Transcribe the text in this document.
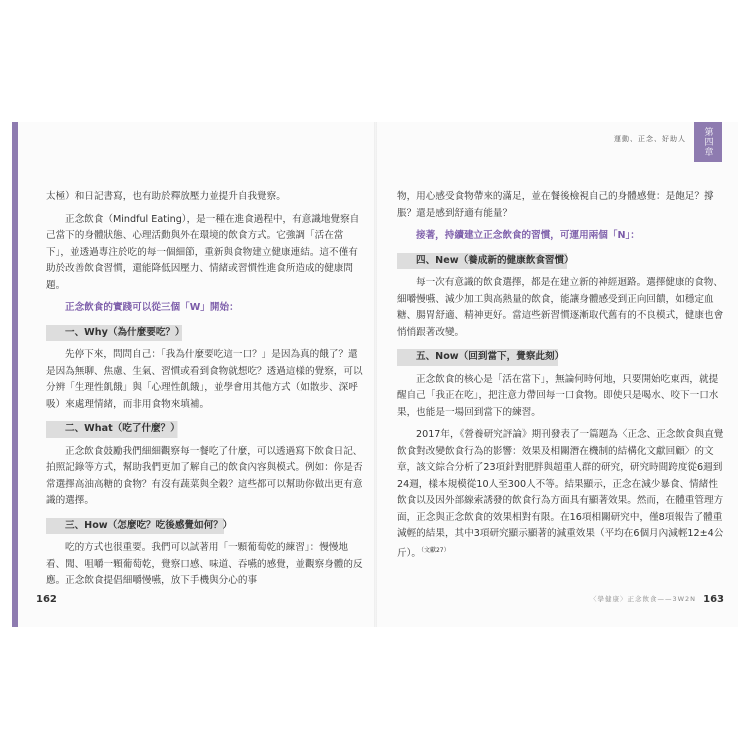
太極）和日記書寫，也有助於釋放壓力並提升自我覺察。

正念飲食（Mindful Eating），是一種在進食過程中，有意識地覺察自己當下的身體狀態、心理活動與外在環境的飲食方式。它強調「活在當下」，並透過專注於吃的每一個細節，重新與食物建立健康連結。這不僅有助於改善飲食習慣，還能降低因壓力、情緒或習慣性進食所造成的健康問題。

正念飲食的實踐可以從三個「W」開始：

一、Why（為什麼要吃？）

先停下來，問問自己：「我為什麼要吃這一口？」是因為真的餓了？還是因為無聊、焦慮、生氣、習慣或看到食物就想吃？透過這樣的覺察，可以分辨「生理性飢餓」與「心理性飢餓」，並學會用其他方式（如散步、深呼吸）來處理情緒，而非用食物來填補。

二、What（吃了什麼？）

正念飲食鼓勵我們細細觀察每一餐吃了什麼，可以透過寫下飲食日記、拍照記錄等方式，幫助我們更加了解自己的飲食內容與模式。例如：你是否常選擇高油高糖的食物？有沒有蔬菜與全穀？這些都可以幫助你做出更有意識的選擇。

三、How（怎麼吃？吃後感覺如何？）

吃的方式也很重要。我們可以試著用「一顆葡萄乾的練習」：慢慢地看、聞、咀嚼一顆葡萄乾，覺察口感、味道、吞嚥的感覺，並觀察身體的反應。正念飲食提倡細嚼慢嚥，放下手機與分心的事

162
運動、正念、好助人	第四章

物，用心感受食物帶來的滿足，並在餐後檢視自己的身體感覺：是飽足？撐脹？還是感到舒適有能量？

接著，持續建立正念飲食的習慣，可運用兩個「N」：

四、New（養成新的健康飲食習慣）

每一次有意識的飲食選擇，都是在建立新的神經迴路。選擇健康的食物、細嚼慢嚥、減少加工與高熱量的飲食，能讓身體感受到正向回饋，如穩定血糖、腸胃舒適、精神更好。當這些新習慣逐漸取代舊有的不良模式，健康也會悄悄跟著改變。

五、Now（回到當下，覺察此刻）

正念飲食的核心是「活在當下」，無論何時何地，只要開始吃東西，就提醒自己「我正在吃」，把注意力帶回每一口食物。即使只是喝水、咬下一口水果，也能是一場回到當下的練習。

2017年，《營養研究評論》期刊發表了一篇題為〈正念、正念飲食與直覺飲食對改變飲食行為的影響：效果及相關潛在機制的結構化文獻回顧〉的文章，該文綜合分析了23項針對肥胖與超重人群的研究，研究時間跨度從6週到24週，樣本規模從10人至300人不等。結果顯示，正念在減少暴食、情緒性飲食以及因外部線索誘發的飲食行為方面具有顯著效果。然而，在體重管理方面，正念與正念飲食的效果相對有限。在16項相關研究中，僅8項報告了體重減輕的結果，其中3項研究顯示顯著的減重效果（平均在6個月內減輕12±4公斤）。$^{(文獻27)}$

〈學健康〉正念飲食——3W2N 163
